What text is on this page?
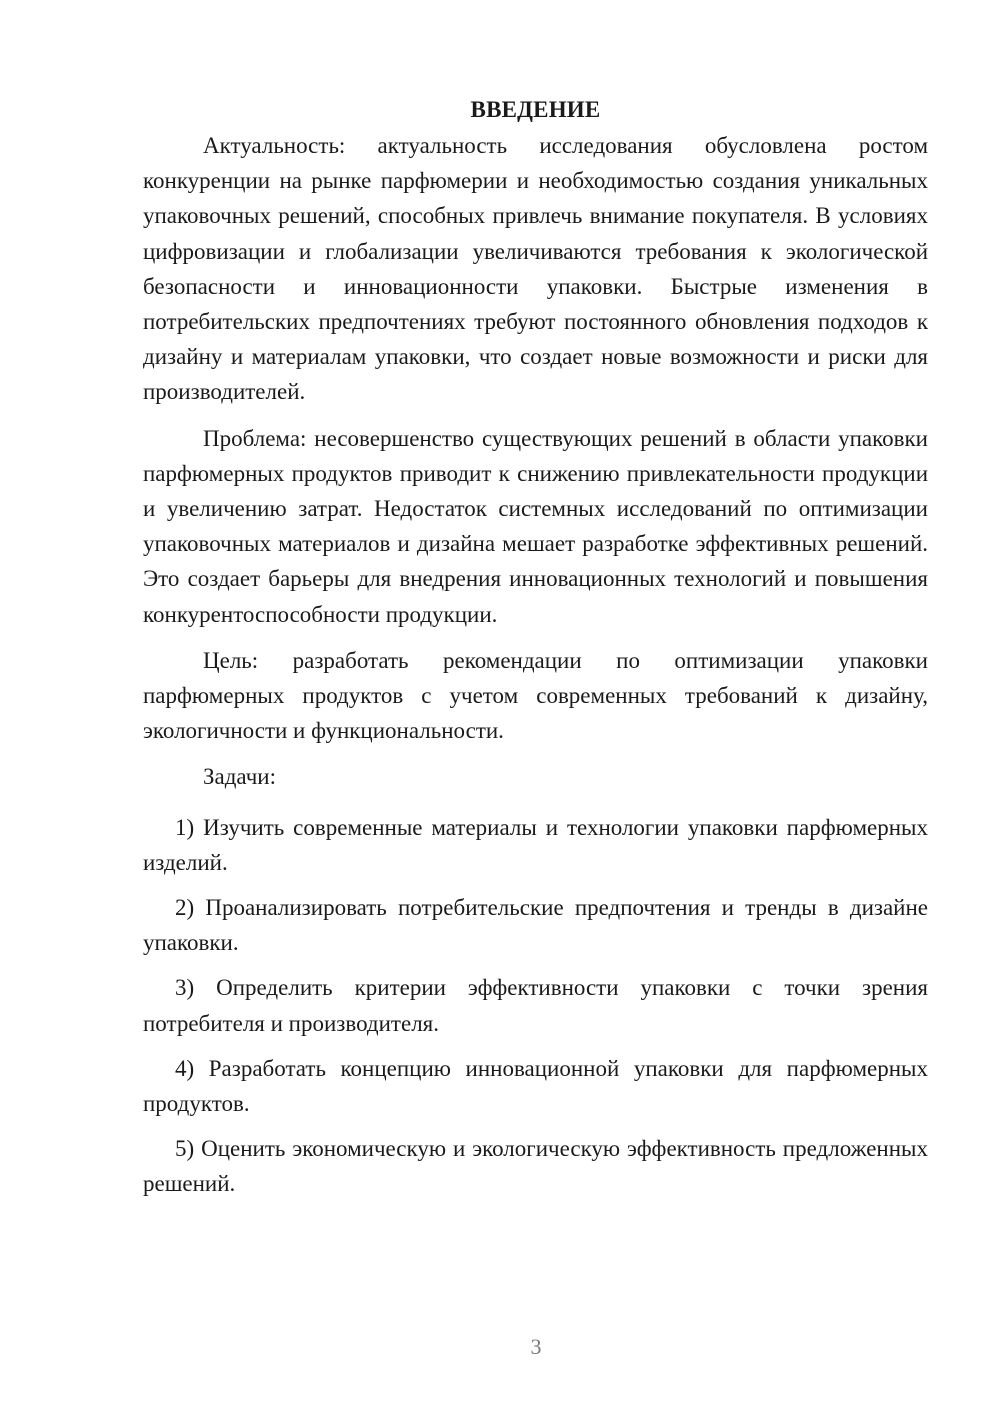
ВВЕДЕНИЕ

Актуальность: актуальность исследования обусловлена ростом конкуренции на рынке парфюмерии и необходимостью создания уникальных упаковочных решений, способных привлечь внимание покупателя. В условиях цифровизации и глобализации увеличиваются требования к экологической безопасности и инновационности упаковки. Быстрые изменения в потребительских предпочтениях требуют постоянного обновления подходов к дизайну и материалам упаковки, что создает новые возможности и риски для производителей.

Проблема: несовершенство существующих решений в области упаковки парфюмерных продуктов приводит к снижению привлекательности продукции и увеличению затрат. Недостаток системных исследований по оптимизации упаковочных материалов и дизайна мешает разработке эффективных решений. Это создает барьеры для внедрения инновационных технологий и повышения конкурентоспособности продукции.

Цель: разработать рекомендации по оптимизации упаковки парфюмерных продуктов с учетом современных требований к дизайну, экологичности и функциональности.

Задачи:

1) Изучить современные материалы и технологии упаковки парфюмерных изделий.
2) Проанализировать потребительские предпочтения и тренды в дизайне упаковки.
3) Определить критерии эффективности упаковки с точки зрения потребителя и производителя.
4) Разработать концепцию инновационной упаковки для парфюмерных продуктов.
5) Оценить экономическую и экологическую эффективность предложенных решений.
3
